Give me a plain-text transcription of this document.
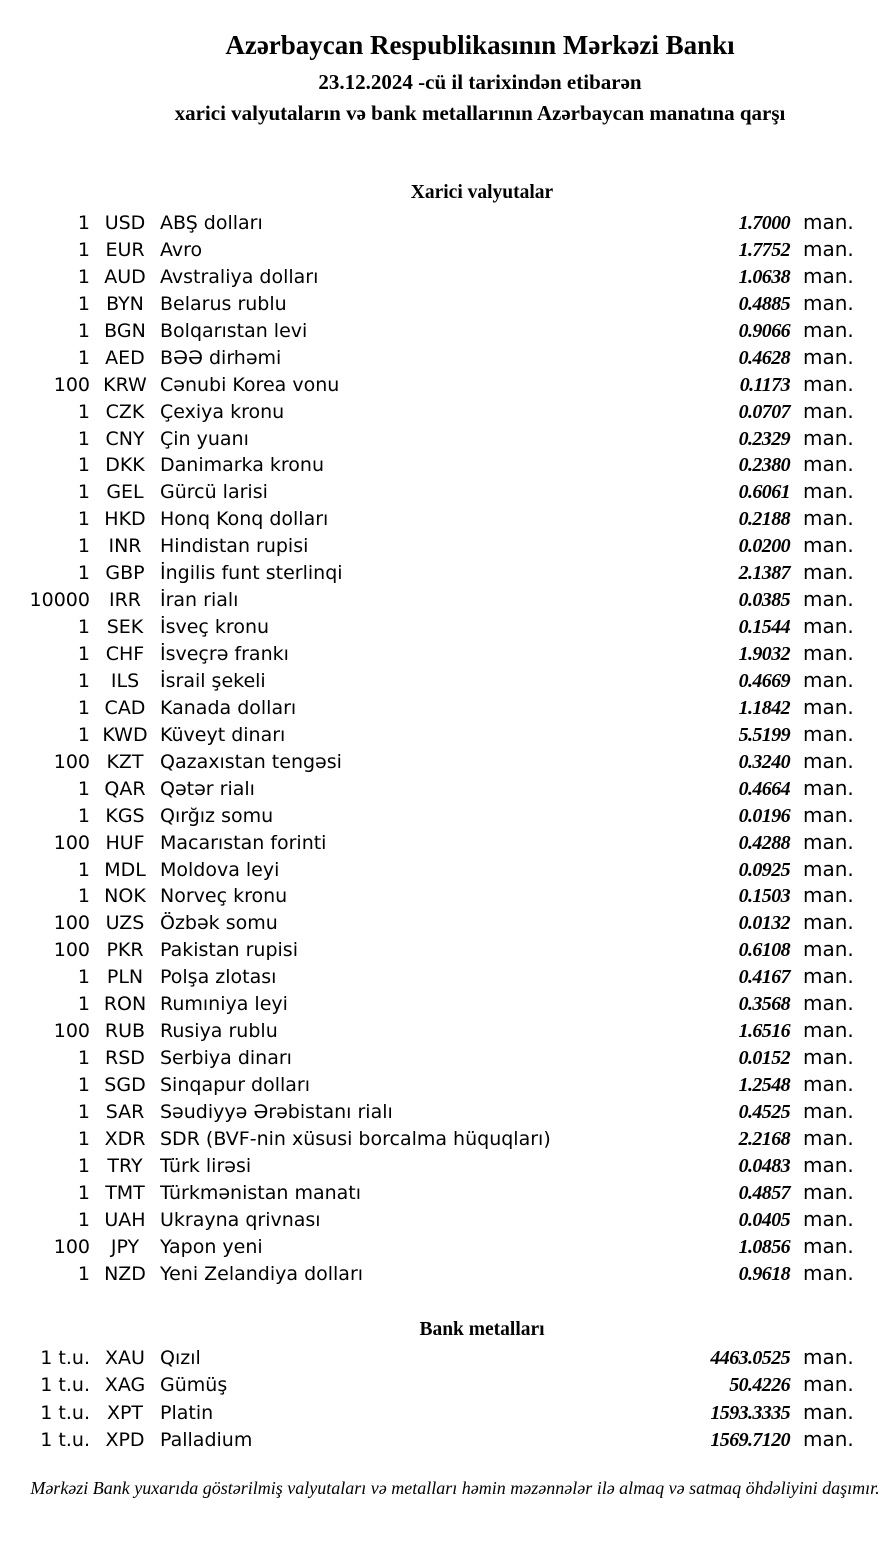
Azərbaycan Respublikasının Mərkəzi Bankı
23.12.2024 -cü il tarixindən etibarən
xarici valyutaların və bank metallarının Azərbaycan manatına qarşı
Xarici valyutalar
1 USD ABŞ dolları	1.7000 man.
1 EUR Avro	1.7752 man.
1 AUD Avstraliya dolları	1.0638 man.
1 BYN Belarus rublu	0.4885 man.
1 BGN Bolqarıstan levi	0.9066 man.
1 AED BƏƏ dirhəmi	0.4628 man.
100 KRW Cənubi Korea vonu	0.1173 man.
1 CZK Çexiya kronu	0.0707 man.
1 CNY Çin yuanı	0.2329 man.
1 DKK Danimarka kronu	0.2380 man.
1 GEL Gürcü larisi	0.6061 man.
1 HKD Honq Konq dolları	0.2188 man.
1 INR Hindistan rupisi	0.0200 man.
1 GBP İngilis funt sterlinqi	2.1387 man.
10000 IRR	İran rialı	0.0385 man.
1 SEK İsveç kronu	0.1544 man.
1 CHF İsveçrə frankı	1.9032 man.
1	ILS	İsrail şekeli	0.4669 man.
1 CAD Kanada dolları	1.1842 man.
1 KWD Küveyt dinarı	5.5199 man.
100 KZT Qazaxıstan tengəsi	0.3240 man.
1 QAR Qətər rialı	0.4664 man.
1 KGS Qırğız somu	0.0196 man.
100 HUF Macarıstan forinti	0.4288 man.
1 MDL Moldova leyi	0.0925 man.
1 NOK Norveç kronu	0.1503 man.
100 UZS Özbək somu	0.0132 man.
100 PKR Pakistan rupisi	0.6108 man.
1 PLN Polşa zlotası	0.4167 man.
1 RON Rumıniya leyi	0.3568 man.
100 RUB Rusiya rublu	1.6516 man.
1 RSD Serbiya dinarı	0.0152 man.
1 SGD Sinqapur dolları	1.2548 man.
1 SAR Səudiyyə Ərəbistanı rialı	0.4525 man.
1 XDR SDR (BVF-nin xüsusi borcalma hüquqları)	2.2168 man.
1 TRY Türk lirəsi	0.0483 man.
1 TMT Türkmənistan manatı	0.4857 man.
1 UAH Ukrayna qrivnası	0.0405 man.
100	JPY	Yapon yeni	1.0856 man.
1 NZD Yeni Zelandiya dolları	0.9618 man.
Bank metalları
1 t.u. XAU Qızıl	4463.0525 man.
1 t.u. XAG Gümüş	50.4226 man.
1 t.u. XPT Platin	1593.3335 man.
1 t.u. XPD Palladium	1569.7120 man.
Mərkəzi Bank yuxarıda göstərilmiş valyutaları və metalları həmin məzənnələr ilə almaq və satmaq öhdəliyini daşımır.
